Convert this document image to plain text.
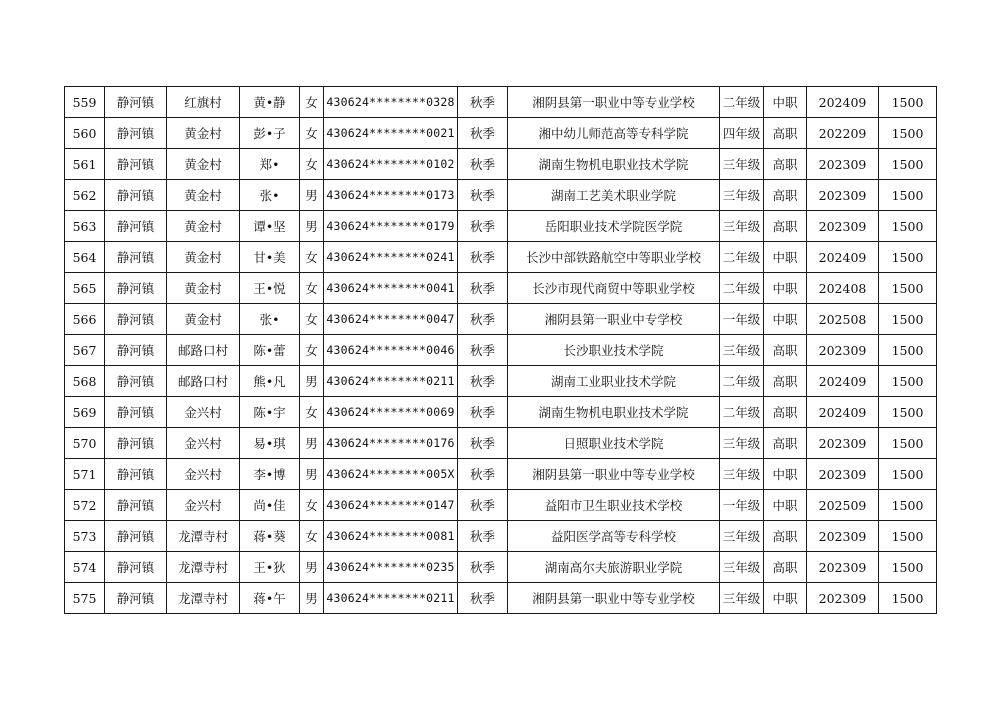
559	静河镇	红旗村	黄•静	女	430624********0328	秋季	湘阴县第一职业中等专业学校	二年级	中职	202409	1500
560	静河镇	黄金村	彭•子	女	430624********0021	秋季	湘中幼儿师范高等专科学院	四年级	高职	202209	1500
561	静河镇	黄金村	郑•	女	430624********0102	秋季	湖南生物机电职业技术学院	三年级	高职	202309	1500
562	静河镇	黄金村	张•	男	430624********0173	秋季	湖南工艺美术职业学院	三年级	高职	202309	1500
563	静河镇	黄金村	谭•坚	男	430624********0179	秋季	岳阳职业技术学院医学院	三年级	高职	202309	1500
564	静河镇	黄金村	甘•美	女	430624********0241	秋季	长沙中部铁路航空中等职业学校	二年级	中职	202409	1500
565	静河镇	黄金村	王•悦	女	430624********0041	秋季	长沙市现代商贸中等职业学校	二年级	中职	202408	1500
566	静河镇	黄金村	张•	女	430624********0047	秋季	湘阴县第一职业中专学校	一年级	中职	202508	1500
567	静河镇	邮路口村	陈•蕾	女	430624********0046	秋季	长沙职业技术学院	三年级	高职	202309	1500
568	静河镇	邮路口村	熊•凡	男	430624********0211	秋季	湖南工业职业技术学院	二年级	高职	202409	1500
569	静河镇	金兴村	陈•宇	女	430624********0069	秋季	湖南生物机电职业技术学院	二年级	高职	202409	1500
570	静河镇	金兴村	易•琪	男	430624********0176	秋季	日照职业技术学院	三年级	高职	202309	1500
571	静河镇	金兴村	李•博	男	430624********005X	秋季	湘阴县第一职业中等专业学校	三年级	中职	202309	1500
572	静河镇	金兴村	尚•佳	女	430624********0147	秋季	益阳市卫生职业技术学校	一年级	中职	202509	1500
573	静河镇	龙潭寺村	蒋•葵	女	430624********0081	秋季	益阳医学高等专科学校	三年级	高职	202309	1500
574	静河镇	龙潭寺村	王•狄	男	430624********0235	秋季	湖南高尔夫旅游职业学院	三年级	高职	202309	1500
575	静河镇	龙潭寺村	蒋•午	男	430624********0211	秋季	湘阴县第一职业中等专业学校	三年级	中职	202309	1500
